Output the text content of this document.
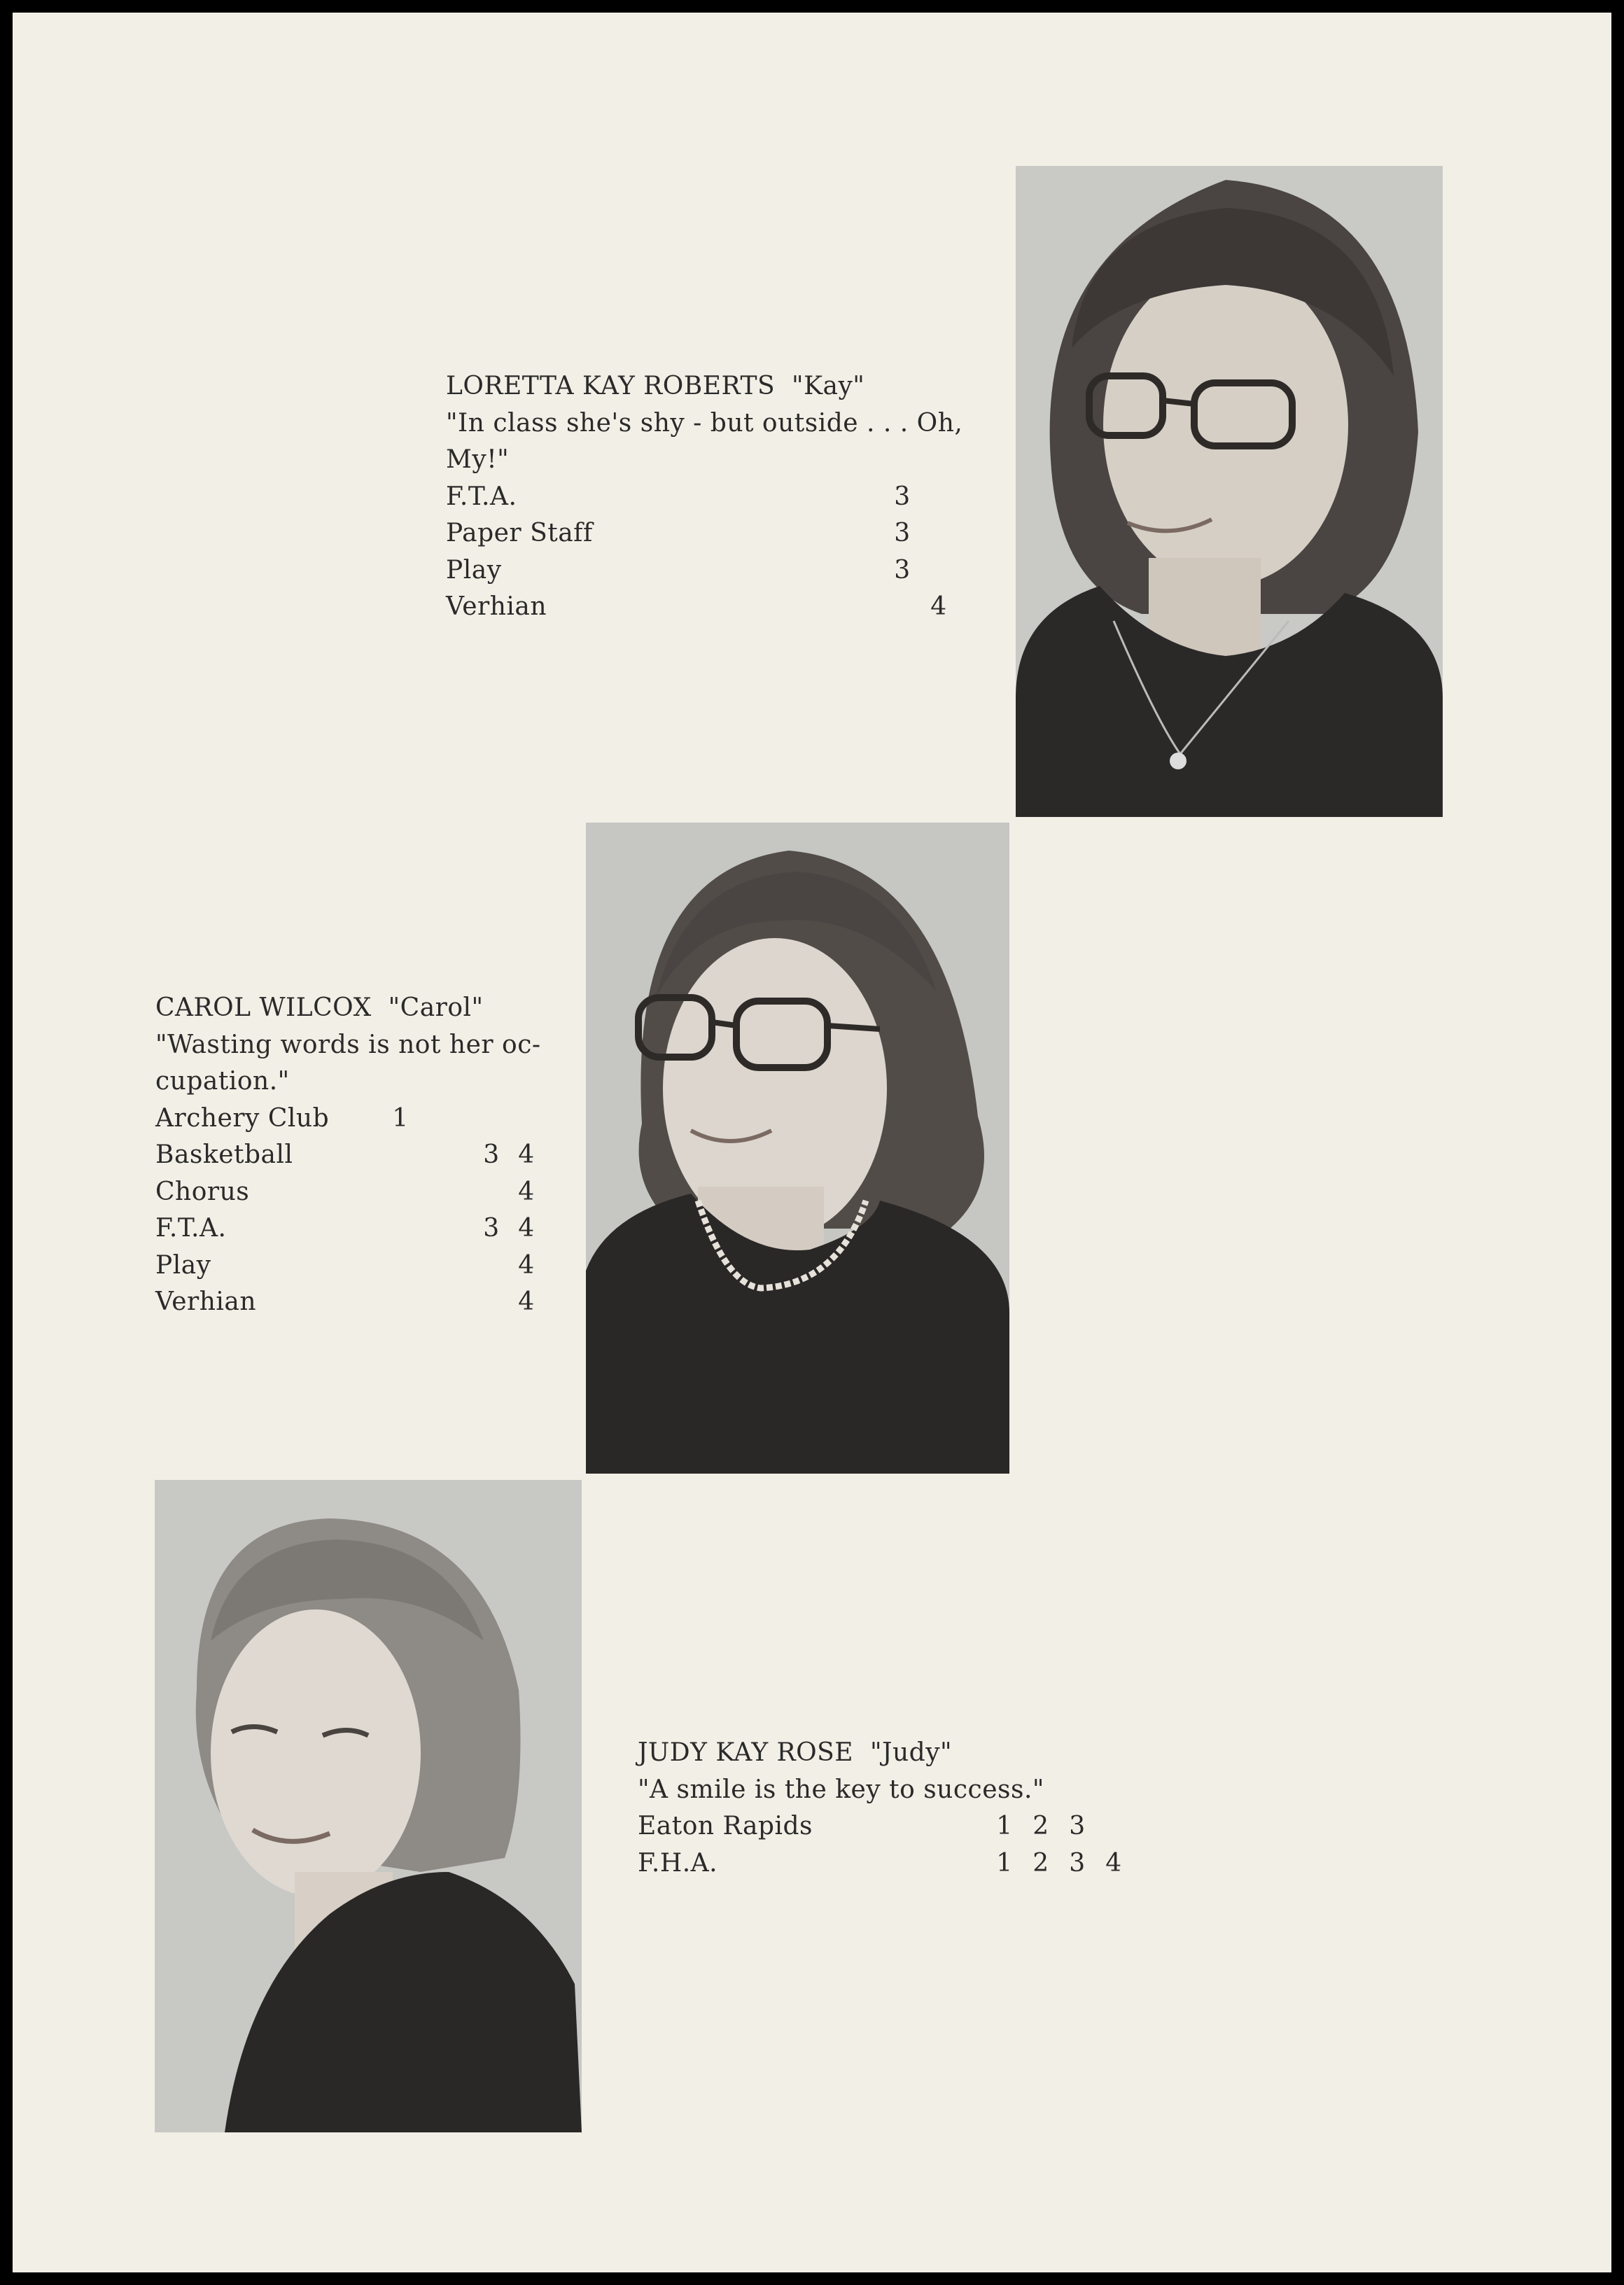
LORETTA KAY ROBERTS "Kay"
"In class she's shy - but outside . . . Oh,
My!"
F.T.A.	3
Paper Staff	3
Play	3
Verhian	4
CAROL WILCOX "Carol"
"Wasting words is not her oc-
cupation."
Archery Club	1
Basketball	3 4
Chorus	4
F.T.A.	3 4
Play	4
Verhian	4
JUDY KAY ROSE "Judy"
"A smile is the key to success."
Eaton Rapids	1 2 3
F.H.A.	1 2 3 4
